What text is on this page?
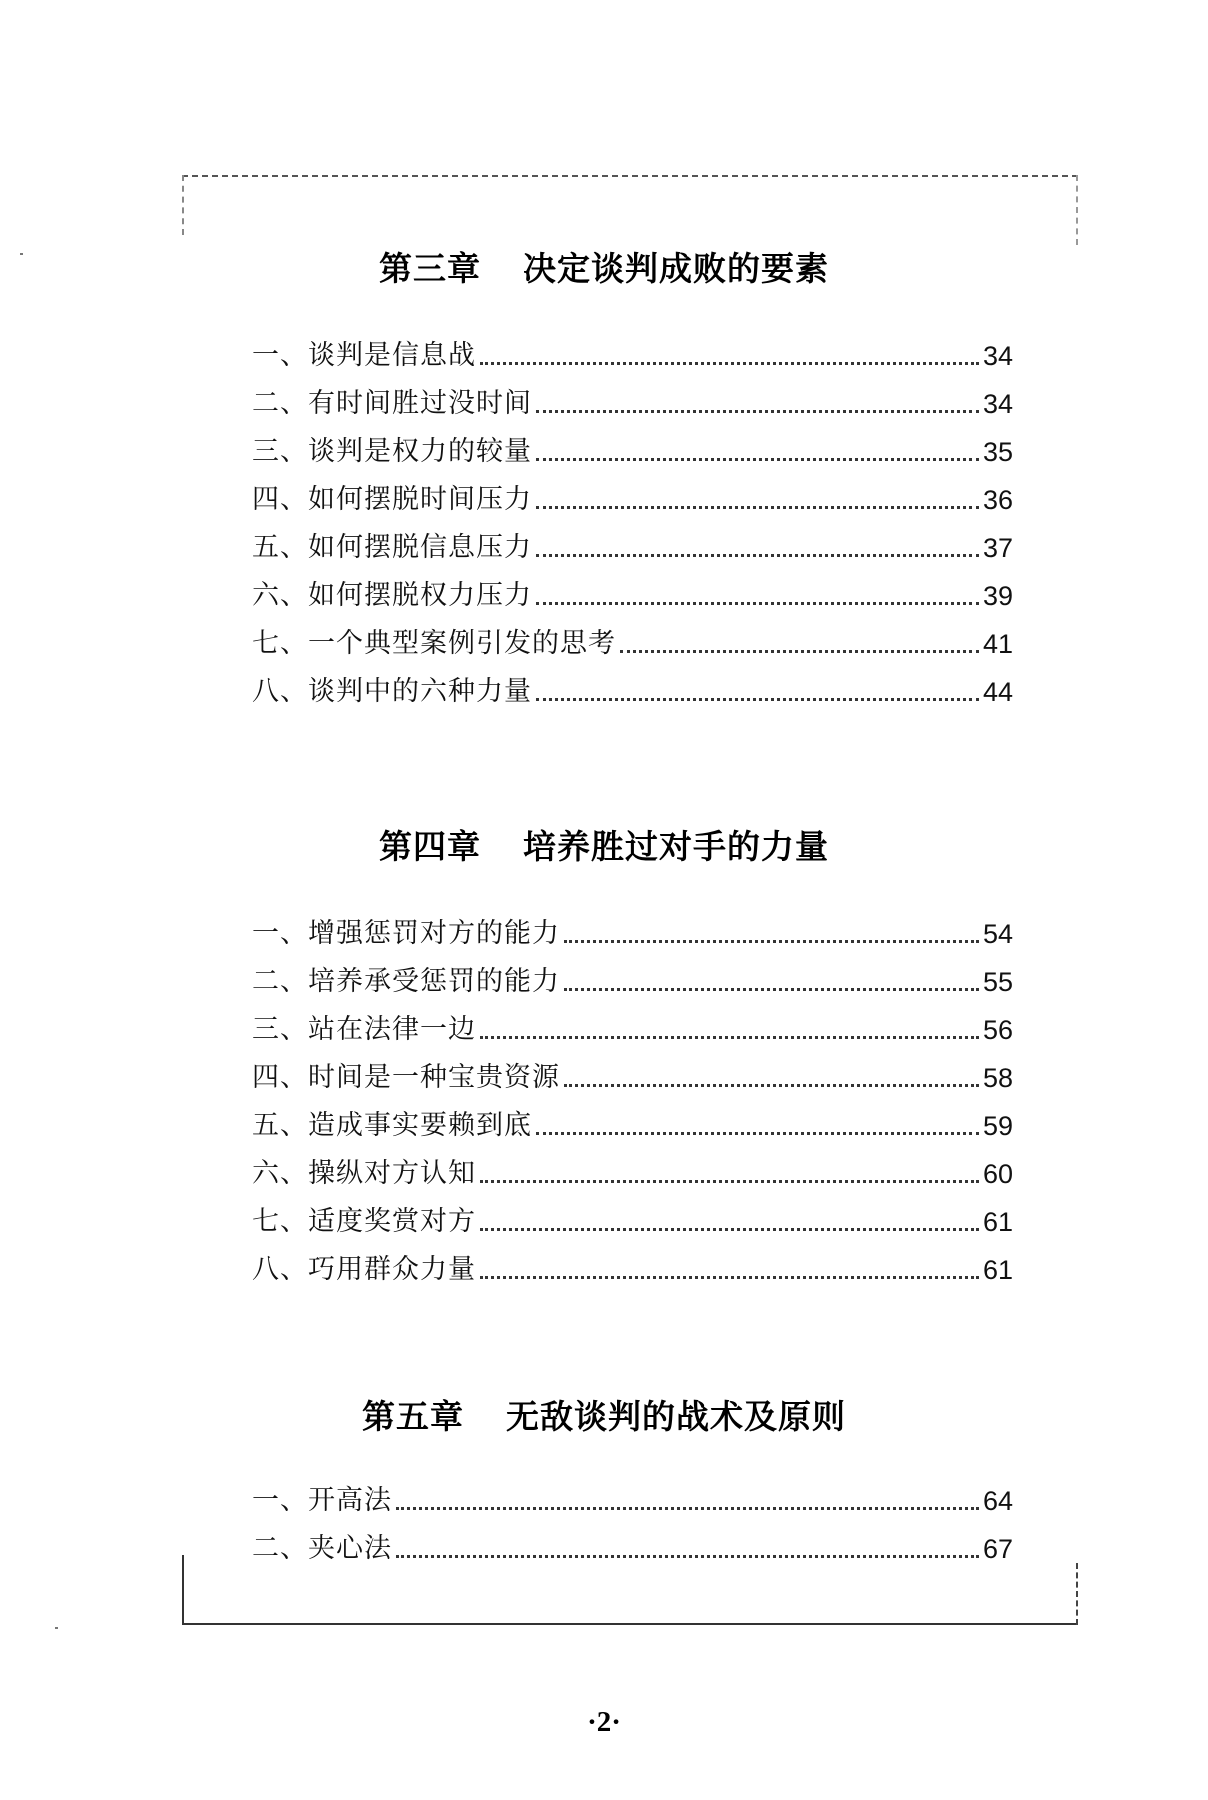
第三章 决定谈判成败的要素
一、谈判是信息战	34
二、有时间胜过没时间	34
三、谈判是权力的较量	35
四、如何摆脱时间压力	36
五、如何摆脱信息压力	37
六、如何摆脱权力压力	39
七、一个典型案例引发的思考	41
八、谈判中的六种力量	44
第四章 培养胜过对手的力量
一、增强惩罚对方的能力	54
二、培养承受惩罚的能力	55
三、站在法律一边	56
四、时间是一种宝贵资源	58
五、造成事实要赖到底	59
六、操纵对方认知	60
七、适度奖赏对方	61
八、巧用群众力量	61
第五章 无敌谈判的战术及原则
一、开高法	64
二、夹心法	67
·2·
